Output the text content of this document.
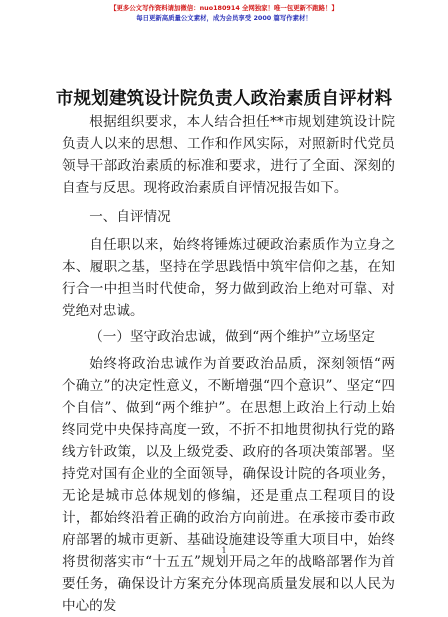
【更多公文写作资料请加微信：nuo180914 全网独家！唯一包更新不跑路！】
每日更新高质量公文素材，成为会员享受 2000 篇写作素材！
市规划建筑设计院负责人政治素质自评材料

根据组织要求，本人结合担任**市规划建筑设计院负责人以来的思想、工作和作风实际，对照新时代党员领导干部政治素质的标准和要求，进行了全面、深刻的自查与反思。现将政治素质自评情况报告如下。

一、自评情况

自任职以来，始终将锤炼过硬政治素质作为立身之本、履职之基，坚持在学思践悟中筑牢信仰之基，在知行合一中担当时代使命，努力做到政治上绝对可靠、对党绝对忠诚。

（一）坚守政治忠诚，做到“两个维护”立场坚定

始终将政治忠诚作为首要政治品质，深刻领悟“两个确立”的决定性意义，不断增强“四个意识”、坚定“四个自信”、做到“两个维护”。在思想上政治上行动上始终同党中央保持高度一致，不折不扣地贯彻执行党的路线方针政策，以及上级党委、政府的各项决策部署。坚持党对国有企业的全面领导，确保设计院的各项业务，无论是城市总体规划的修编，还是重点工程项目的设计，都始终沿着正确的政治方向前进。在承接市委市政府部署的城市更新、基础设施建设等重大项目中，始终将贯彻落实市“十五五”规划开局之年的战略部署作为首要任务，确保设计方案充分体现高质量发展和以人民为中心的发

1
